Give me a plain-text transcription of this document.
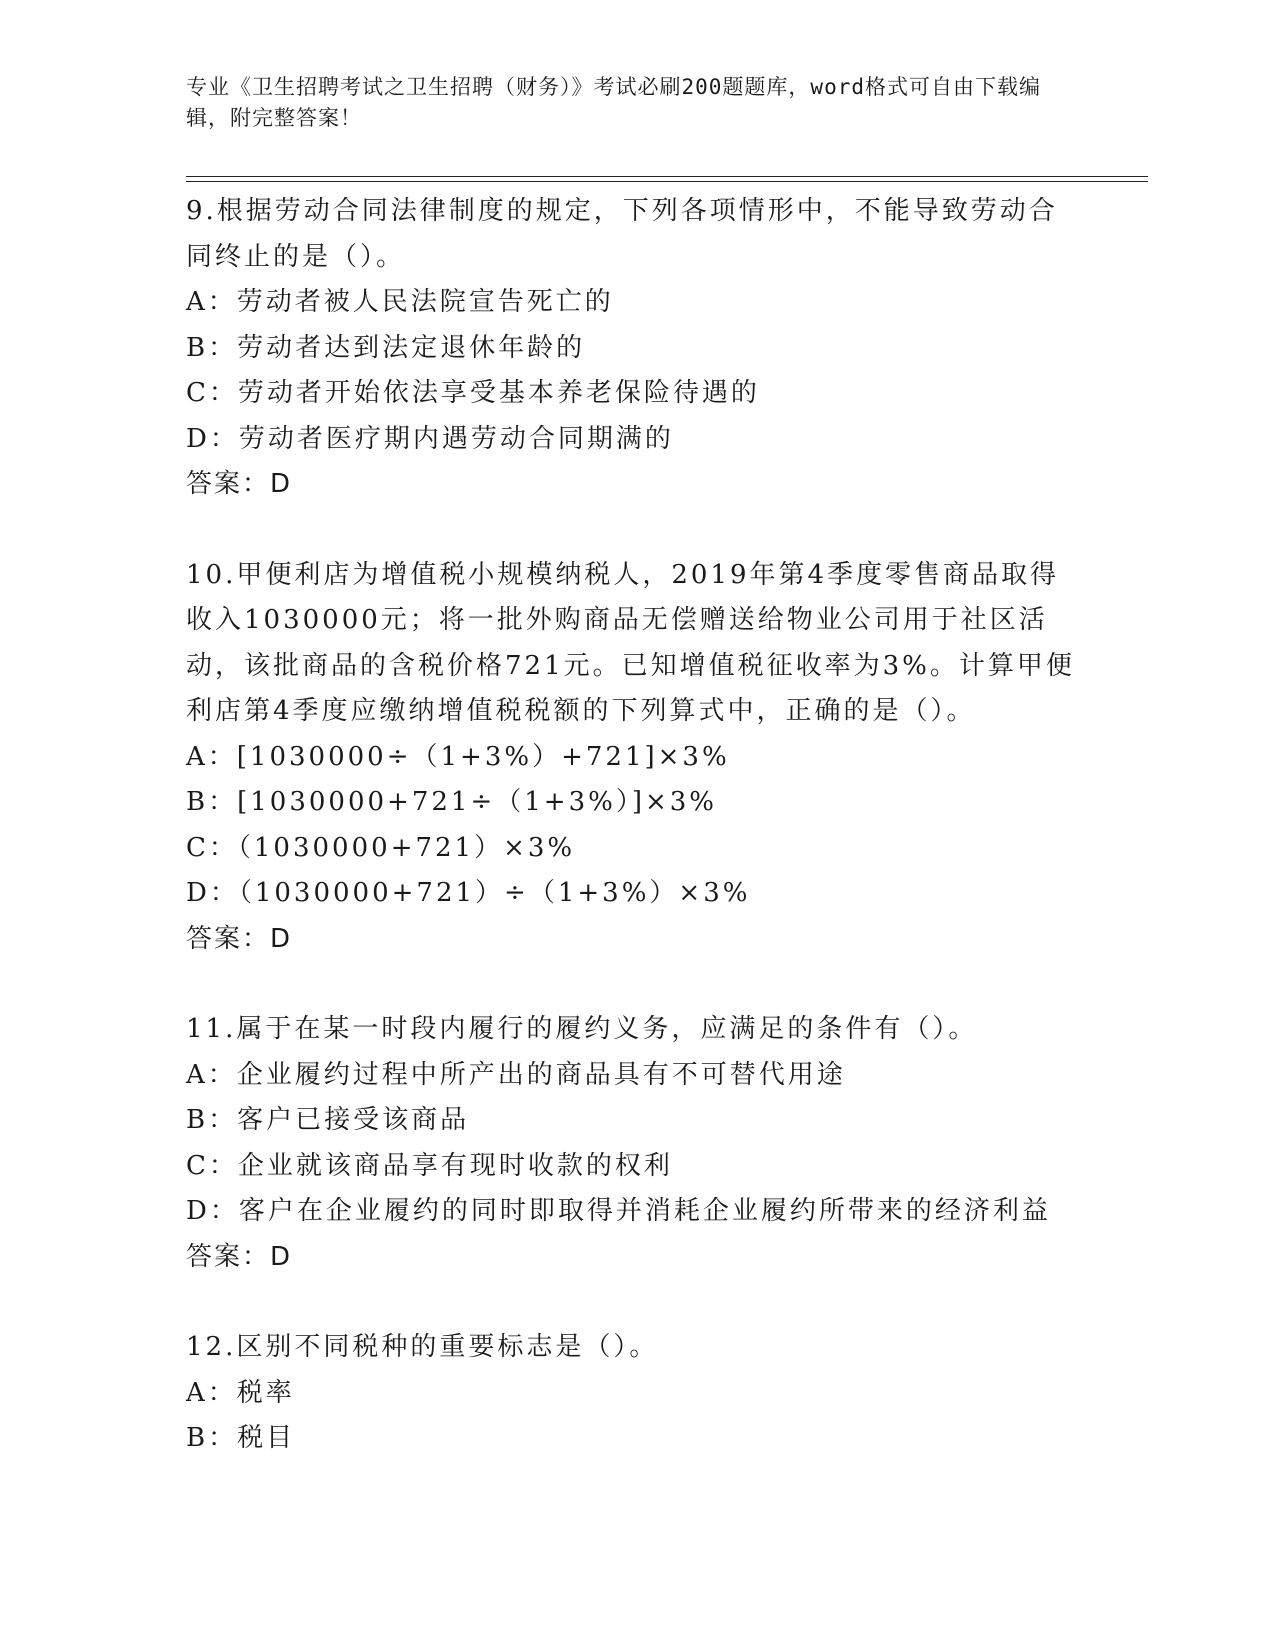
专业《卫生招聘考试之卫生招聘（财务）》考试必刷200题题库，word格式可自由下载编辑，附完整答案！

9.根据劳动合同法律制度的规定，下列各项情形中，不能导致劳动合同终止的是（）。

A：劳动者被人民法院宣告死亡的

B：劳动者达到法定退休年龄的

C：劳动者开始依法享受基本养老保险待遇的

D：劳动者医疗期内遇劳动合同期满的

答案：D

10.甲便利店为增值税小规模纳税人，2019年第4季度零售商品取得收入1030000元；将一批外购商品无偿赠送给物业公司用于社区活动，该批商品的含税价格721元。已知增值税征收率为3%。计算甲便利店第4季度应缴纳增值税税额的下列算式中，正确的是（）。

A：[1030000÷（1+3%）+721]×3%

B：[1030000+721÷（1+3%）]×3%

C：（1030000+721）×3%

D：（1030000+721）÷（1+3%）×3%

答案：D

11.属于在某一时段内履行的履约义务，应满足的条件有（）。

A：企业履约过程中所产出的商品具有不可替代用途

B：客户已接受该商品

C：企业就该商品享有现时收款的权利

D：客户在企业履约的同时即取得并消耗企业履约所带来的经济利益

答案：D

12.区别不同税种的重要标志是（）。

A：税率

B：税目
